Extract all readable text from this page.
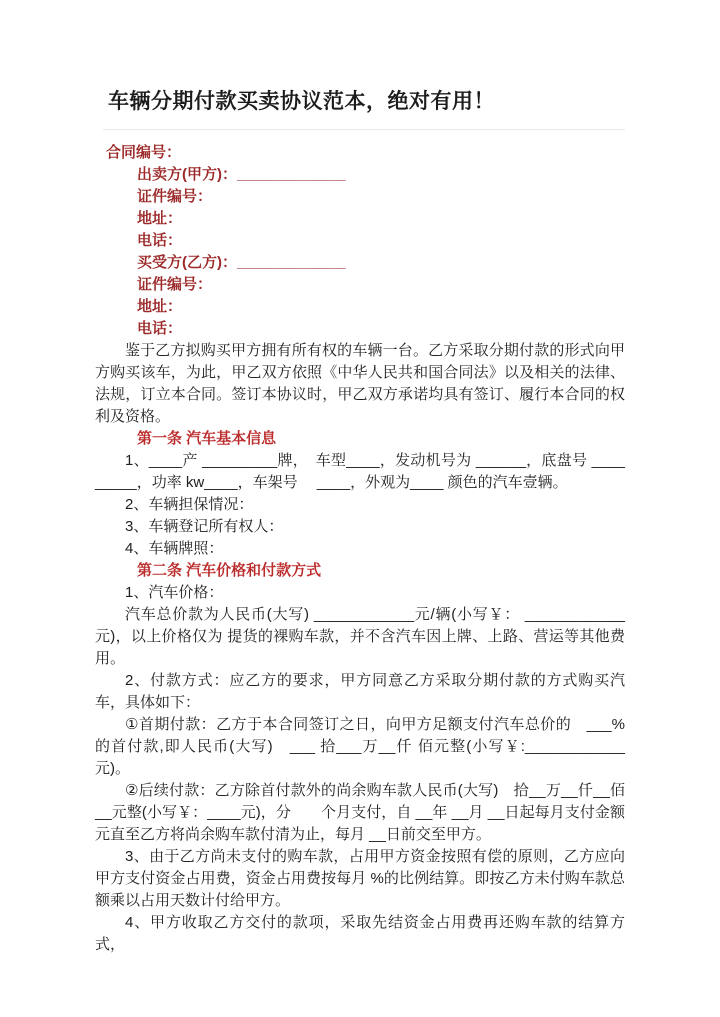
车辆分期付款买卖协议范本，绝对有用！

合同编号：

出卖方(甲方)：_____________

证件编号：

地址：

电话：

买受方(乙方)：_____________

证件编号：

地址：

电话：

鉴于乙方拟购买甲方拥有所有权的车辆一台。乙方采取分期付款的形式向甲方购买该车，为此，甲乙双方依照《中华人民共和国合同法》以及相关的法律、法规，订立本合同。签订本协议时，甲乙双方承诺均具有签订、履行本合同的权利及资格。

第一条 汽车基本信息

1、____产 _________牌，　车型____，发动机号为 ______，底盘号 _________，功率 kw____，车架号　 ____，外观为____ 颜色的汽车壹辆。

2、车辆担保情况：

3、车辆登记所有权人：

4、车辆牌照：

第二条 汽车价格和付款方式

1、汽车价格：

汽车总价款为人民币(大写) ____________元/辆(小写￥： ____________元)，以上价格仅为 提货的裸购车款，并不含汽车因上牌、上路、营运等其他费用。

2、付款方式：应乙方的要求，甲方同意乙方采取分期付款的方式购买汽车，具体如下：

①首期付款：乙方于本合同签订之日，向甲方足额支付汽车总价的　___%的首付款,即人民币(大写)　___ 拾___万__仟 佰元整(小写￥:____________元)。

②后续付款：乙方除首付款外的尚余购车款人民币(大写)　拾__万__仟__佰__元整(小写￥：____元)，分　　个月支付，自 __年 __月 __日起每月支付金额 元直至乙方将尚余购车款付清为止，每月 __日前交至甲方。

3、由于乙方尚未支付的购车款，占用甲方资金按照有偿的原则，乙方应向甲方支付资金占用费，资金占用费按每月 %的比例结算。即按乙方未付购车款总额乘以占用天数计付给甲方。

4、甲方收取乙方交付的款项，采取先结资金占用费再还购车款的结算方式，
